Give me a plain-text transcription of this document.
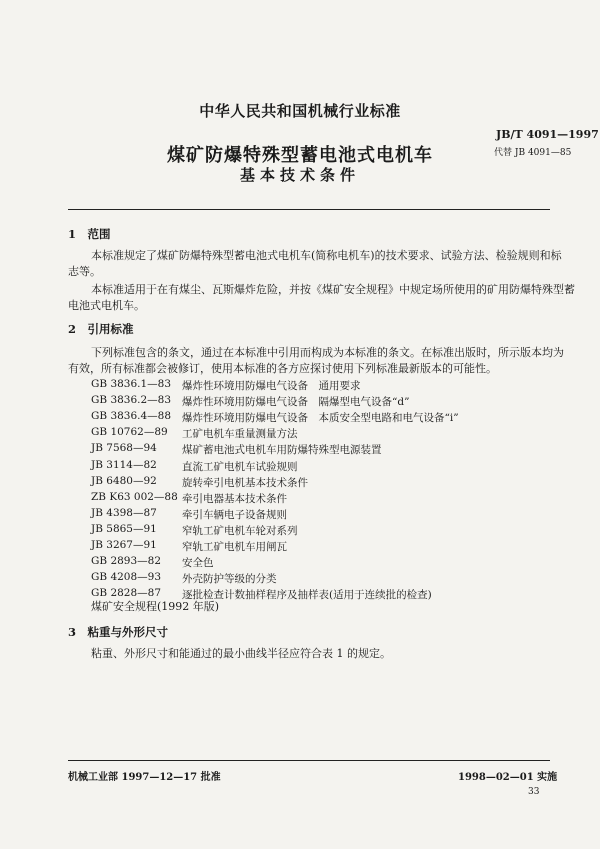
中华人民共和国机械行业标准
JB/T 4091—1997
代替 JB 4091—85
煤矿防爆特殊型蓄电池式电机车
基本技术条件
1　范围
本标准规定了煤矿防爆特殊型蓄电池式电机车(简称电机车)的技术要求、试验方法、检验规则和标
志等。
本标准适用于在有煤尘、瓦斯爆炸危险，并按《煤矿安全规程》中规定场所使用的矿用防爆特殊型蓄
电池式电机车。
2　引用标准
下列标准包含的条文，通过在本标准中引用而构成为本标准的条文。在标准出版时，所示版本均为
有效，所有标准都会被修订，使用本标准的各方应探讨使用下列标准最新版本的可能性。
GB 3836.1—83 爆炸性环境用防爆电气设备　通用要求
GB 3836.2—83 爆炸性环境用防爆电气设备　隔爆型电气设备“d”
GB 3836.4—88 爆炸性环境用防爆电气设备　本质安全型电路和电气设备“i”
GB 10762—89 工矿电机车重量测量方法
JB 7568—94 煤矿蓄电池式电机车用防爆特殊型电源装置
JB 3114—82 直流工矿电机车试验规则
JB 6480—92 旋转牵引电机基本技术条件
ZB K63 002—88 牵引电器基本技术条件
JB 4398—87 牵引车辆电子设备规则
JB 5865—91 窄轨工矿电机车轮对系列
JB 3267—91 窄轨工矿电机车用闸瓦
GB 2893—82 安全色
GB 4208—93 外壳防护等级的分类
GB 2828—87 逐批检查计数抽样程序及抽样表(适用于连续批的检查)
煤矿安全规程(1992 年版)
3　粘重与外形尺寸
粘重、外形尺寸和能通过的最小曲线半径应符合表 1 的规定。
机械工业部 1997—12—17 批准	1998—02—01 实施
33
